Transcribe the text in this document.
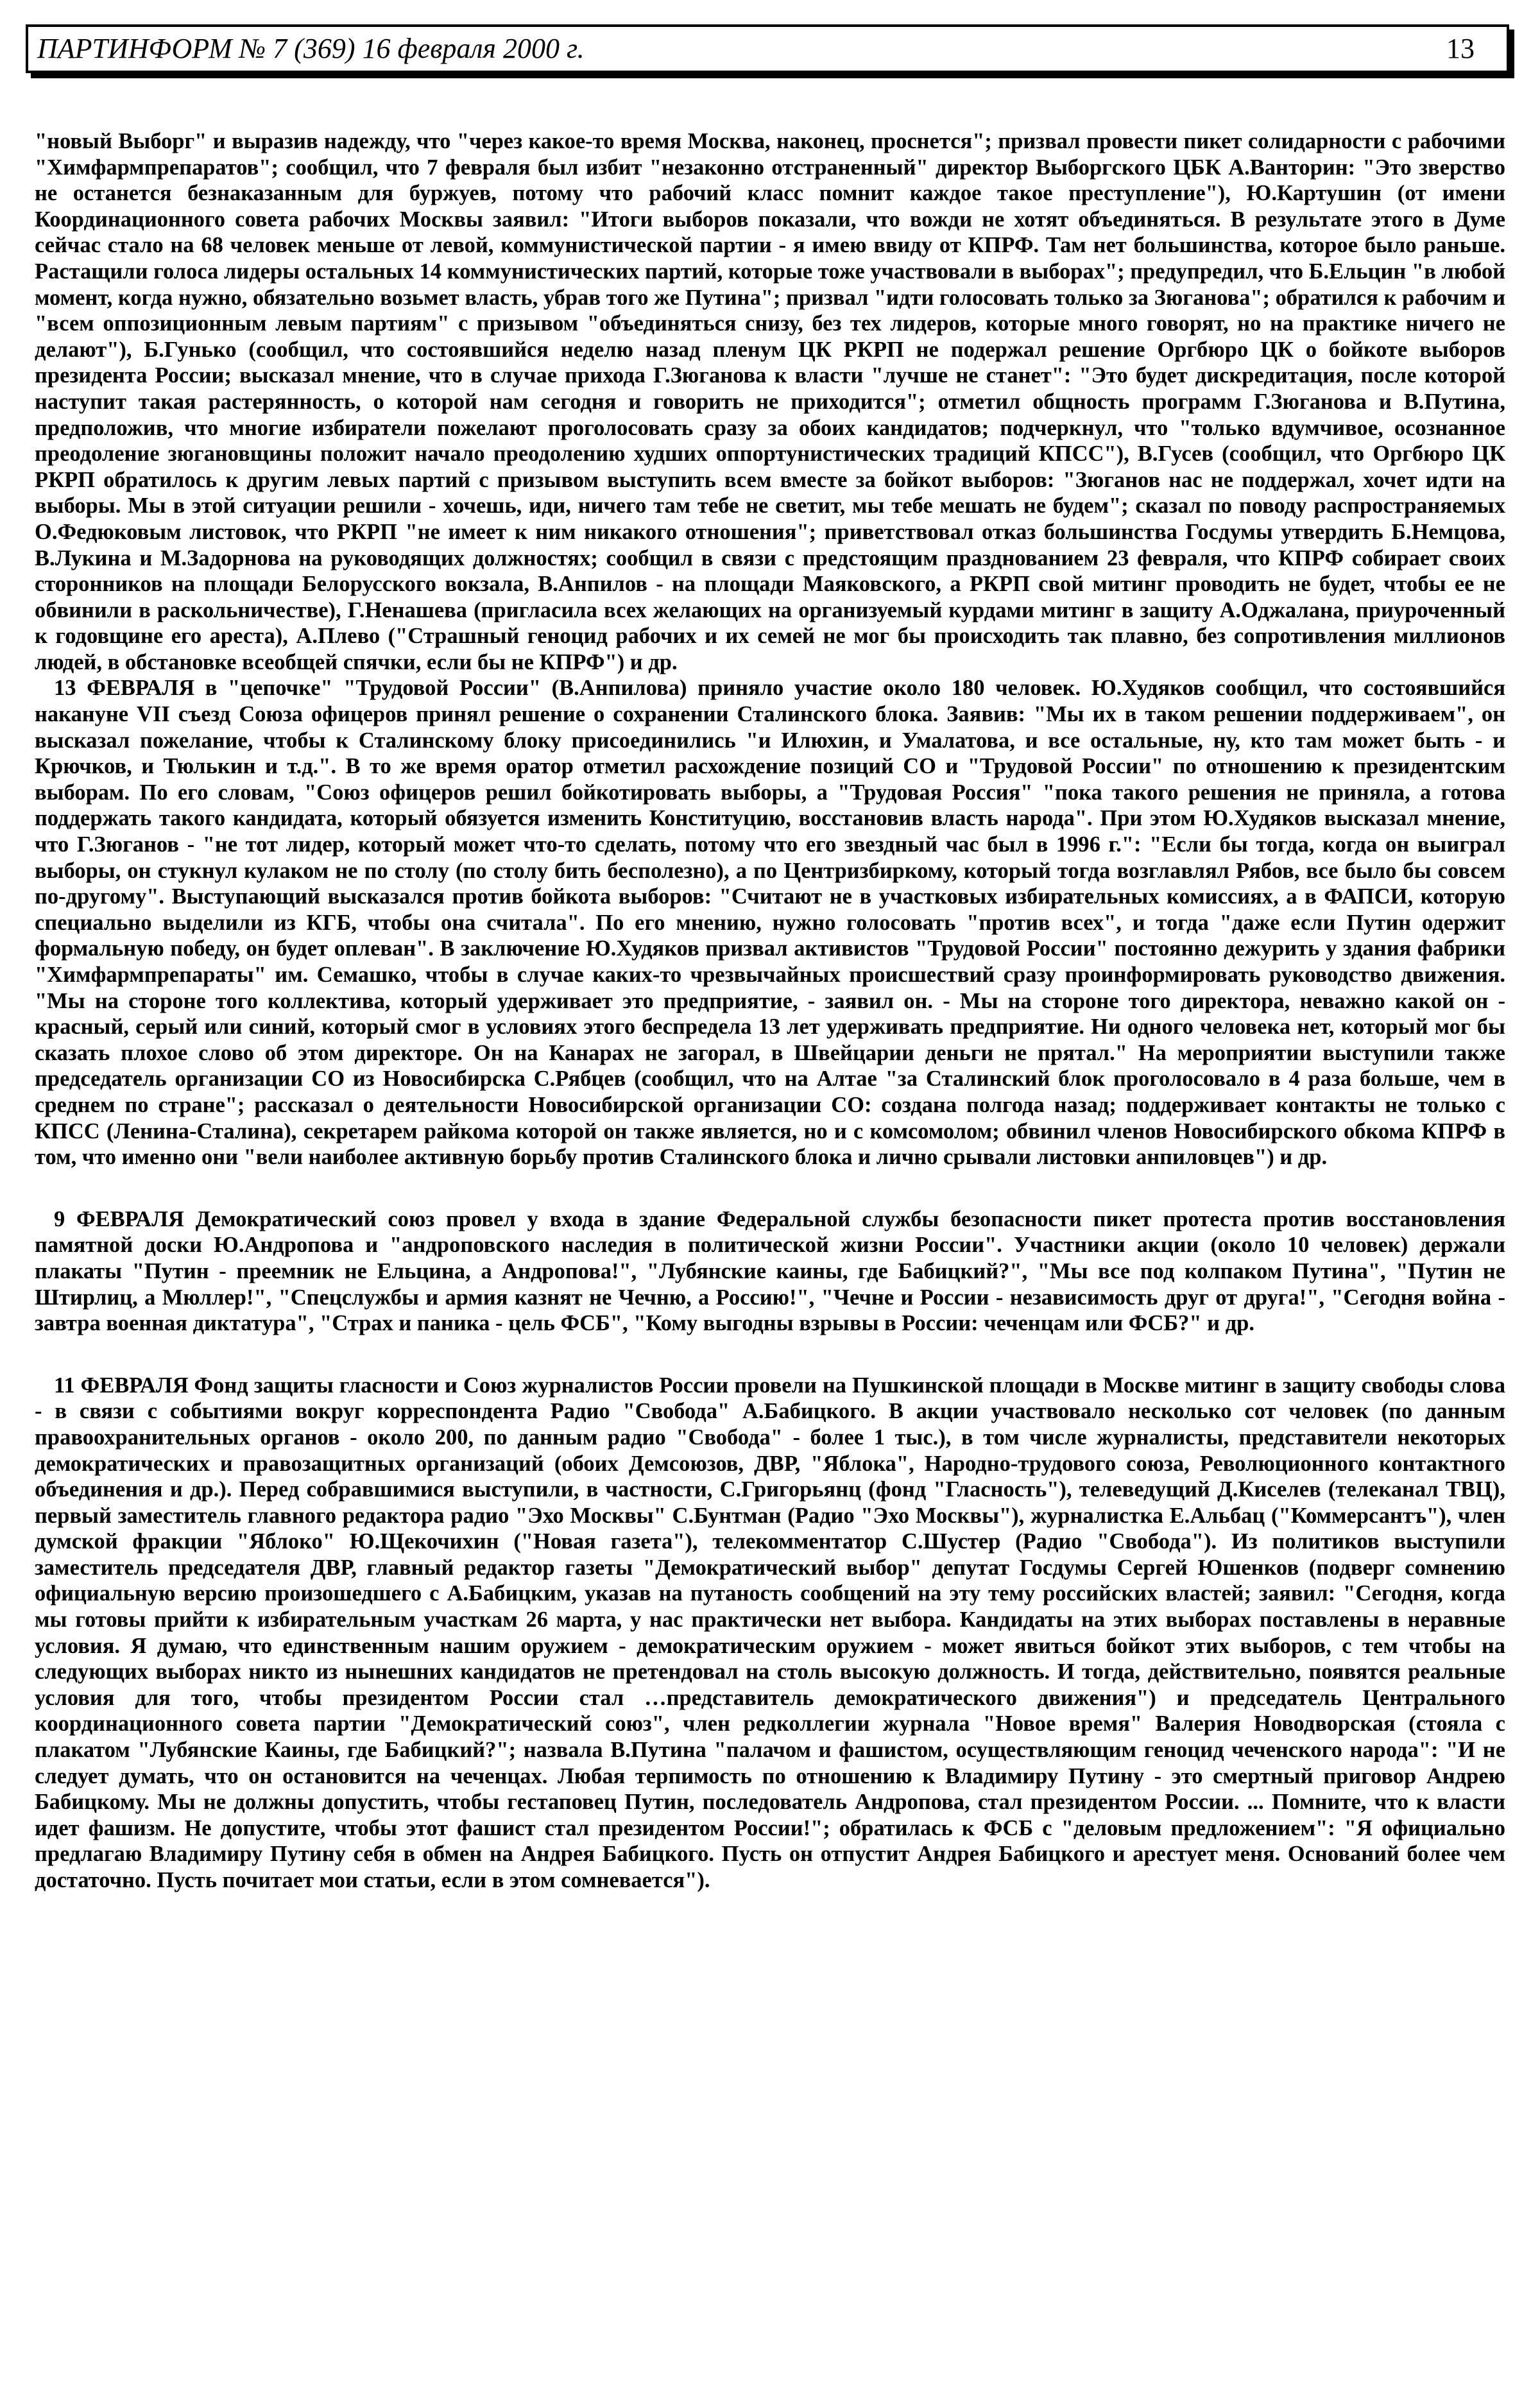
ПАРТИНФОРМ № 7 (369) 16 февраля 2000 г.	13

"новый Выборг" и выразив надежду, что "через какое-то время Москва, наконец, проснется"; призвал провести пикет солидарности с рабочими "Химфармпрепаратов"; сообщил, что 7 февраля был избит "незаконно отстраненный" директор Выборгского ЦБК А.Ванторин: "Это зверство не останется безнаказанным для буржуев, потому что рабочий класс помнит каждое такое преступление"), Ю.Картушин (от имени Координационного совета рабочих Москвы заявил: "Итоги выборов показали, что вожди не хотят объединяться. В результате этого в Думе сейчас стало на 68 человек меньше от левой, коммунистической партии - я имею ввиду от КПРФ. Там нет большинства, которое было раньше. Растащили голоса лидеры остальных 14 коммунистических партий, которые тоже участвовали в выборах"; предупредил, что Б.Ельцин "в любой момент, когда нужно, обязательно возьмет власть, убрав того же Путина"; призвал "идти голосовать только за Зюганова"; обратился к рабочим и "всем оппозиционным левым партиям" с призывом "объединяться снизу, без тех лидеров, которые много говорят, но на практике ничего не делают"), Б.Гунько (сообщил, что состоявшийся неделю назад пленум ЦК РКРП не подержал решение Оргбюро ЦК о бойкоте выборов президента России; высказал мнение, что в случае прихода Г.Зюганова к власти "лучше не станет": "Это будет дискредитация, после которой наступит такая растерянность, о которой нам сегодня и говорить не приходится"; отметил общность программ Г.Зюганова и В.Путина, предположив, что многие избиратели пожелают проголосовать сразу за обоих кандидатов; подчеркнул, что "только вдумчивое, осознанное преодоление зюгановщины положит начало преодолению худших оппортунистических традиций КПСС"), В.Гусев (сообщил, что Оргбюро ЦК РКРП обратилось к другим левых партий с призывом выступить всем вместе за бойкот выборов: "Зюганов нас не поддержал, хочет идти на выборы. Мы в этой ситуации решили - хочешь, иди, ничего там тебе не светит, мы тебе мешать не будем"; сказал по поводу распространяемых О.Федюковым листовок, что РКРП "не имеет к ним никакого отношения"; приветствовал отказ большинства Госдумы утвердить Б.Немцова, В.Лукина и М.Задорнова на руководящих должностях; сообщил в связи с предстоящим празднованием 23 февраля, что КПРФ собирает своих сторонников на площади Белорусского вокзала, В.Анпилов - на площади Маяковского, а РКРП свой митинг проводить не будет, чтобы ее не обвинили в раскольничестве), Г.Ненашева (пригласила всех желающих на организуемый курдами митинг в защиту А.Оджалана, приуроченный к годовщине его ареста), А.Плево ("Страшный геноцид рабочих и их семей не мог бы происходить так плавно, без сопротивления миллионов людей, в обстановке всеобщей спячки, если бы не КПРФ") и др.

13 ФЕВРАЛЯ в "цепочке" "Трудовой России" (В.Анпилова) приняло участие около 180 человек. Ю.Худяков сообщил, что состоявшийся накануне VII съезд Союза офицеров принял решение о сохранении Сталинского блока. Заявив: "Мы их в таком решении поддерживаем", он высказал пожелание, чтобы к Сталинскому блоку присоединились "и Илюхин, и Умалатова, и все остальные, ну, кто там может быть - и Крючков, и Тюлькин и т.д.". В то же время оратор отметил расхождение позиций СО и "Трудовой России" по отношению к президентским выборам. По его словам, "Союз офицеров решил бойкотировать выборы, а "Трудовая Россия" "пока такого решения не приняла, а готова поддержать такого кандидата, который обязуется изменить Конституцию, восстановив власть народа". При этом Ю.Худяков высказал мнение, что Г.Зюганов - "не тот лидер, который может что-то сделать, потому что его звездный час был в 1996 г.": "Если бы тогда, когда он выиграл выборы, он стукнул кулаком не по столу (по столу бить бесполезно), а по Центризбиркому, который тогда возглавлял Рябов, все было бы совсем по-другому". Выступающий высказался против бойкота выборов: "Считают не в участковых избирательных комиссиях, а в ФАПСИ, которую специально выделили из КГБ, чтобы она считала". По его мнению, нужно голосовать "против всех", и тогда "даже если Путин одержит формальную победу, он будет оплеван". В заключение Ю.Худяков призвал активистов "Трудовой России" постоянно дежурить у здания фабрики "Химфармпрепараты" им. Семашко, чтобы в случае каких-то чрезвычайных происшествий сразу проинформировать руководство движения. "Мы на стороне того коллектива, который удерживает это предприятие, - заявил он. - Мы на стороне того директора, неважно какой он - красный, серый или синий, который смог в условиях этого беспредела 13 лет удерживать предприятие. Ни одного человека нет, который мог бы сказать плохое слово об этом директоре. Он на Канарах не загорал, в Швейцарии деньги не прятал." На мероприятии выступили также председатель организации СО из Новосибирска С.Рябцев (сообщил, что на Алтае "за Сталинский блок проголосовало в 4 раза больше, чем в среднем по стране"; рассказал о деятельности Новосибирской организации СО: создана полгода назад; поддерживает контакты не только с КПСС (Ленина-Сталина), секретарем райкома которой он также является, но и с комсомолом; обвинил членов Новосибирского обкома КПРФ в том, что именно они "вели наиболее активную борьбу против Сталинского блока и лично срывали листовки анпиловцев") и др.

9 ФЕВРАЛЯ Демократический союз провел у входа в здание Федеральной службы безопасности пикет протеста против восстановления памятной доски Ю.Андропова и "андроповского наследия в политической жизни России". Участники акции (около 10 человек) держали плакаты "Путин - преемник не Ельцина, а Андропова!", "Лубянские каины, где Бабицкий?", "Мы все под колпаком Путина", "Путин не Штирлиц, а Мюллер!", "Спецслужбы и армия казнят не Чечню, а Россию!", "Чечне и России - независимость друг от друга!", "Сегодня война - завтра военная диктатура", "Страх и паника - цель ФСБ", "Кому выгодны взрывы в России: чеченцам или ФСБ?" и др.

11 ФЕВРАЛЯ Фонд защиты гласности и Союз журналистов России провели на Пушкинской площади в Москве митинг в защиту свободы слова - в связи с событиями вокруг корреспондента Радио "Свобода" А.Бабицкого. В акции участвовало несколько сот человек (по данным правоохранительных органов - около 200, по данным радио "Свобода" - более 1 тыс.), в том числе журналисты, представители некоторых демократических и правозащитных организаций (обоих Демсоюзов, ДВР, "Яблока", Народно-трудового союза, Революционного контактного объединения и др.). Перед собравшимися выступили, в частности, С.Григорьянц (фонд "Гласность"), телеведущий Д.Киселев (телеканал ТВЦ), первый заместитель главного редактора радио "Эхо Москвы" С.Бунтман (Радио "Эхо Москвы"), журналистка Е.Альбац ("Коммерсантъ"), член думской фракции "Яблоко" Ю.Щекочихин ("Новая газета"), телекомментатор С.Шустер (Радио "Свобода"). Из политиков выступили заместитель председателя ДВР, главный редактор газеты "Демократический выбор" депутат Госдумы Сергей Юшенков (подверг сомнению официальную версию произошедшего с А.Бабицким, указав на путаность сообщений на эту тему российских властей; заявил: "Сегодня, когда мы готовы прийти к избирательным участкам 26 марта, у нас практически нет выбора. Кандидаты на этих выборах поставлены в неравные условия. Я думаю, что единственным нашим оружием - демократическим оружием - может явиться бойкот этих выборов, с тем чтобы на следующих выборах никто из нынешних кандидатов не претендовал на столь высокую должность. И тогда, действительно, появятся реальные условия для того, чтобы президентом России стал …представитель демократического движения") и председатель Центрального координационного совета партии "Демократический союз", член редколлегии журнала "Новое время" Валерия Новодворская (стояла с плакатом "Лубянские Каины, где Бабицкий?"; назвала В.Путина "палачом и фашистом, осуществляющим геноцид чеченского народа": "И не следует думать, что он остановится на чеченцах. Любая терпимость по отношению к Владимиру Путину - это смертный приговор Андрею Бабицкому. Мы не должны допустить, чтобы гестаповец Путин, последователь Андропова, стал президентом России. ... Помните, что к власти идет фашизм. Не допустите, чтобы этот фашист стал президентом России!"; обратилась к ФСБ с "деловым предложением": "Я официально предлагаю Владимиру Путину себя в обмен на Андрея Бабицкого. Пусть он отпустит Андрея Бабицкого и арестует меня. Оснований более чем достаточно. Пусть почитает мои статьи, если в этом сомневается").
